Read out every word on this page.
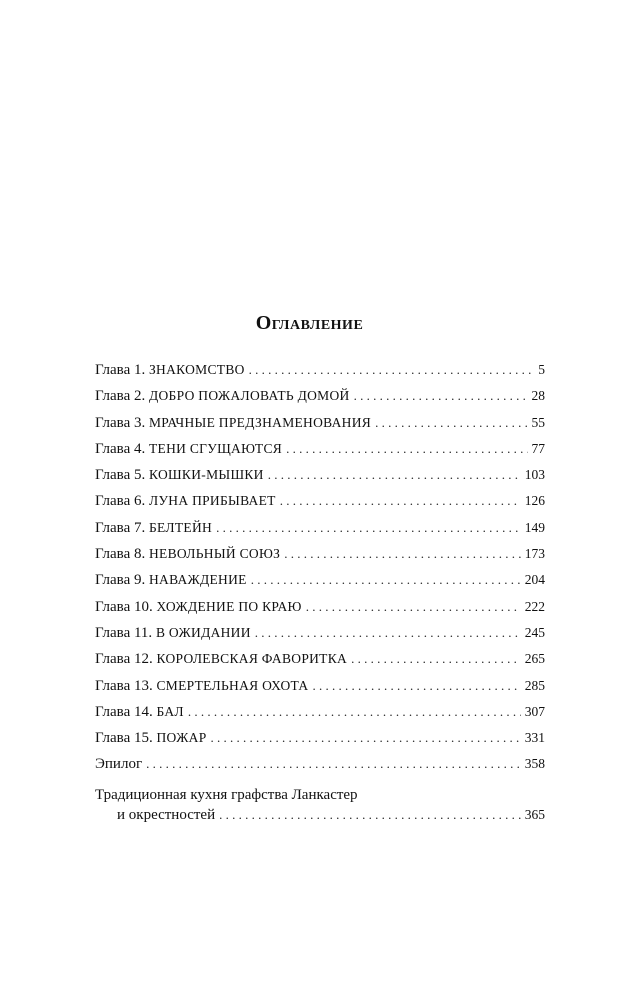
Оглавление
Глава 1. ЗНАКОМСТВО . . .	5
Глава 2. ДОБРО ПОЖАЛОВАТЬ ДОМОЙ . . .	28
Глава 3. МРАЧНЫЕ ПРЕДЗНАМЕНОВАНИЯ . . .	55
Глава 4. ТЕНИ СГУЩАЮТСЯ . . .	77
Глава 5. КОШКИ-МЫШКИ . . .	103
Глава 6. ЛУНА ПРИБЫВАЕТ . . .	126
Глава 7. БЕЛТЕЙН . . .	149
Глава 8. НЕВОЛЬНЫЙ СОЮЗ . . .	173
Глава 9. НАВАЖДЕНИЕ . . .	204
Глава 10. ХОЖДЕНИЕ ПО КРАЮ . . .	222
Глава 11. В ОЖИДАНИИ . . .	245
Глава 12. КОРОЛЕВСКАЯ ФАВОРИТКА . . .	265
Глава 13. СМЕРТЕЛЬНАЯ ОХОТА . . .	285
Глава 14. БАЛ . . .	307
Глава 15. ПОЖАР . . .	331
Эпилог . . .	358
Традиционная кухня графства Ланкастер
и окрестностей . . .	365
